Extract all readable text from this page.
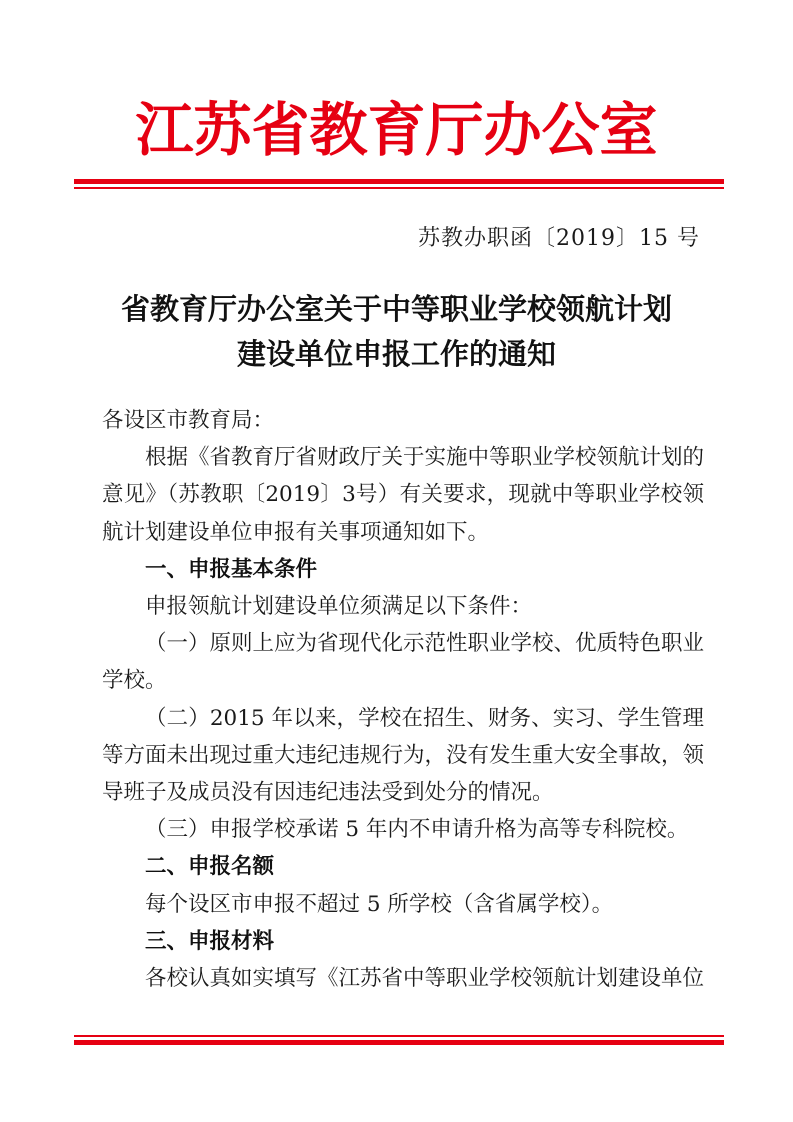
江苏省教育厅办公室
苏教办职函〔2019〕15 号
省教育厅办公室关于中等职业学校领航计划
建设单位申报工作的通知

各设区市教育局：

根据《省教育厅省财政厅关于实施中等职业学校领航计划的意见》（苏教职〔2019〕3号）有关要求，现就中等职业学校领航计划建设单位申报有关事项通知如下。

一、申报基本条件

申报领航计划建设单位须满足以下条件：

（一）原则上应为省现代化示范性职业学校、优质特色职业学校。

（二）2015 年以来，学校在招生、财务、实习、学生管理等方面未出现过重大违纪违规行为，没有发生重大安全事故，领导班子及成员没有因违纪违法受到处分的情况。

（三）申报学校承诺 5 年内不申请升格为高等专科院校。

二、申报名额

每个设区市申报不超过 5 所学校（含省属学校）。

三、申报材料

各校认真如实填写《江苏省中等职业学校领航计划建设单位
